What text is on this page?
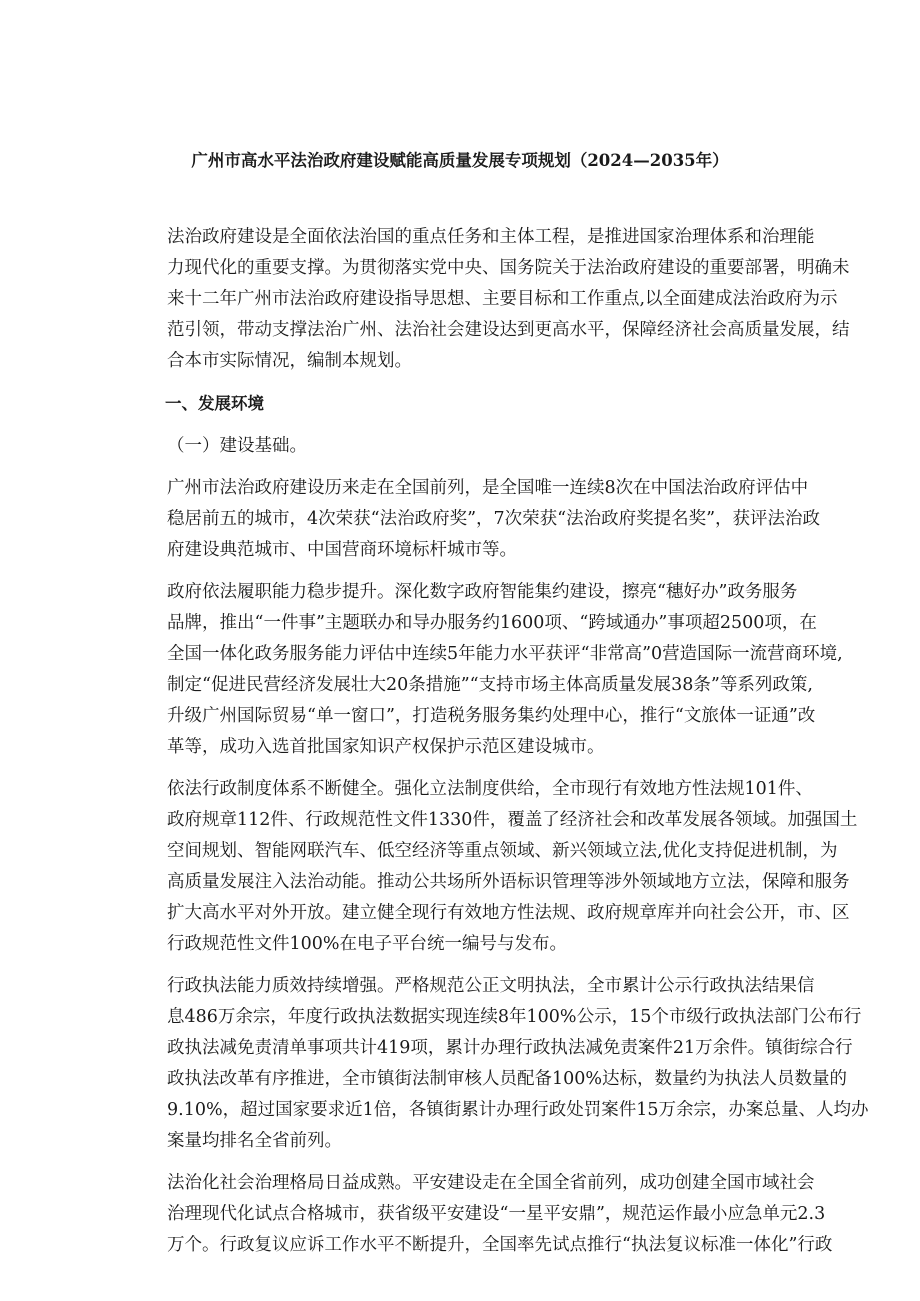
广州市高水平法治政府建设赋能高质量发展专项规划（2024—2035年）

法治政府建设是全面依法治国的重点任务和主体工程，是推进国家治理体系和治理能
力现代化的重要支撑。为贯彻落实党中央、国务院关于法治政府建设的重要部署，明确未
来十二年广州市法治政府建设指导思想、主要目标和工作重点,以全面建成法治政府为示
范引领，带动支撑法治广州、法治社会建设达到更高水平，保障经济社会高质量发展，结
合本市实际情况，编制本规划。

一、发展环境

（一）建设基础。

广州市法治政府建设历来走在全国前列，是全国唯一连续8次在中国法治政府评估中
稳居前五的城市，4次荣获“法治政府奖”，7次荣获“法治政府奖提名奖”，获评法治政
府建设典范城市、中国营商环境标杆城市等。

政府依法履职能力稳步提升。深化数字政府智能集约建设，擦亮“穗好办”政务服务
品牌，推出“一件事”主题联办和导办服务约1600项、“跨域通办”事项超2500项，在
全国一体化政务服务能力评估中连续5年能力水平获评“非常高”0营造国际一流营商环境,
制定“促进民营经济发展壮大20条措施”“支持市场主体高质量发展38条”等系列政策,
升级广州国际贸易“单一窗口”，打造税务服务集约处理中心，推行“文旅体一证通”改
革等，成功入选首批国家知识产权保护示范区建设城市。

依法行政制度体系不断健全。强化立法制度供给，全市现行有效地方性法规101件、
政府规章112件、行政规范性文件1330件，覆盖了经济社会和改革发展各领域。加强国土
空间规划、智能网联汽车、低空经济等重点领域、新兴领域立法,优化支持促进机制，为
高质量发展注入法治动能。推动公共场所外语标识管理等涉外领域地方立法，保障和服务
扩大高水平对外开放。建立健全现行有效地方性法规、政府规章库并向社会公开，市、区
行政规范性文件100%在电子平台统一编号与发布。

行政执法能力质效持续增强。严格规范公正文明执法，全市累计公示行政执法结果信
息486万余宗，年度行政执法数据实现连续8年100%公示，15个市级行政执法部门公布行
政执法减免责清单事项共计419项，累计办理行政执法减免责案件21万余件。镇街综合行
政执法改革有序推进，全市镇街法制审核人员配备100%达标，数量约为执法人员数量的
9.10%，超过国家要求近1倍，各镇街累计办理行政处罚案件15万余宗，办案总量、人均办
案量均排名全省前列。

法治化社会治理格局日益成熟。平安建设走在全国全省前列，成功创建全国市域社会
治理现代化试点合格城市，获省级平安建设“一星平安鼎”，规范运作最小应急单元2.3
万个。行政复议应诉工作水平不断提升，全国率先试点推行“执法复议标准一体化”行政
